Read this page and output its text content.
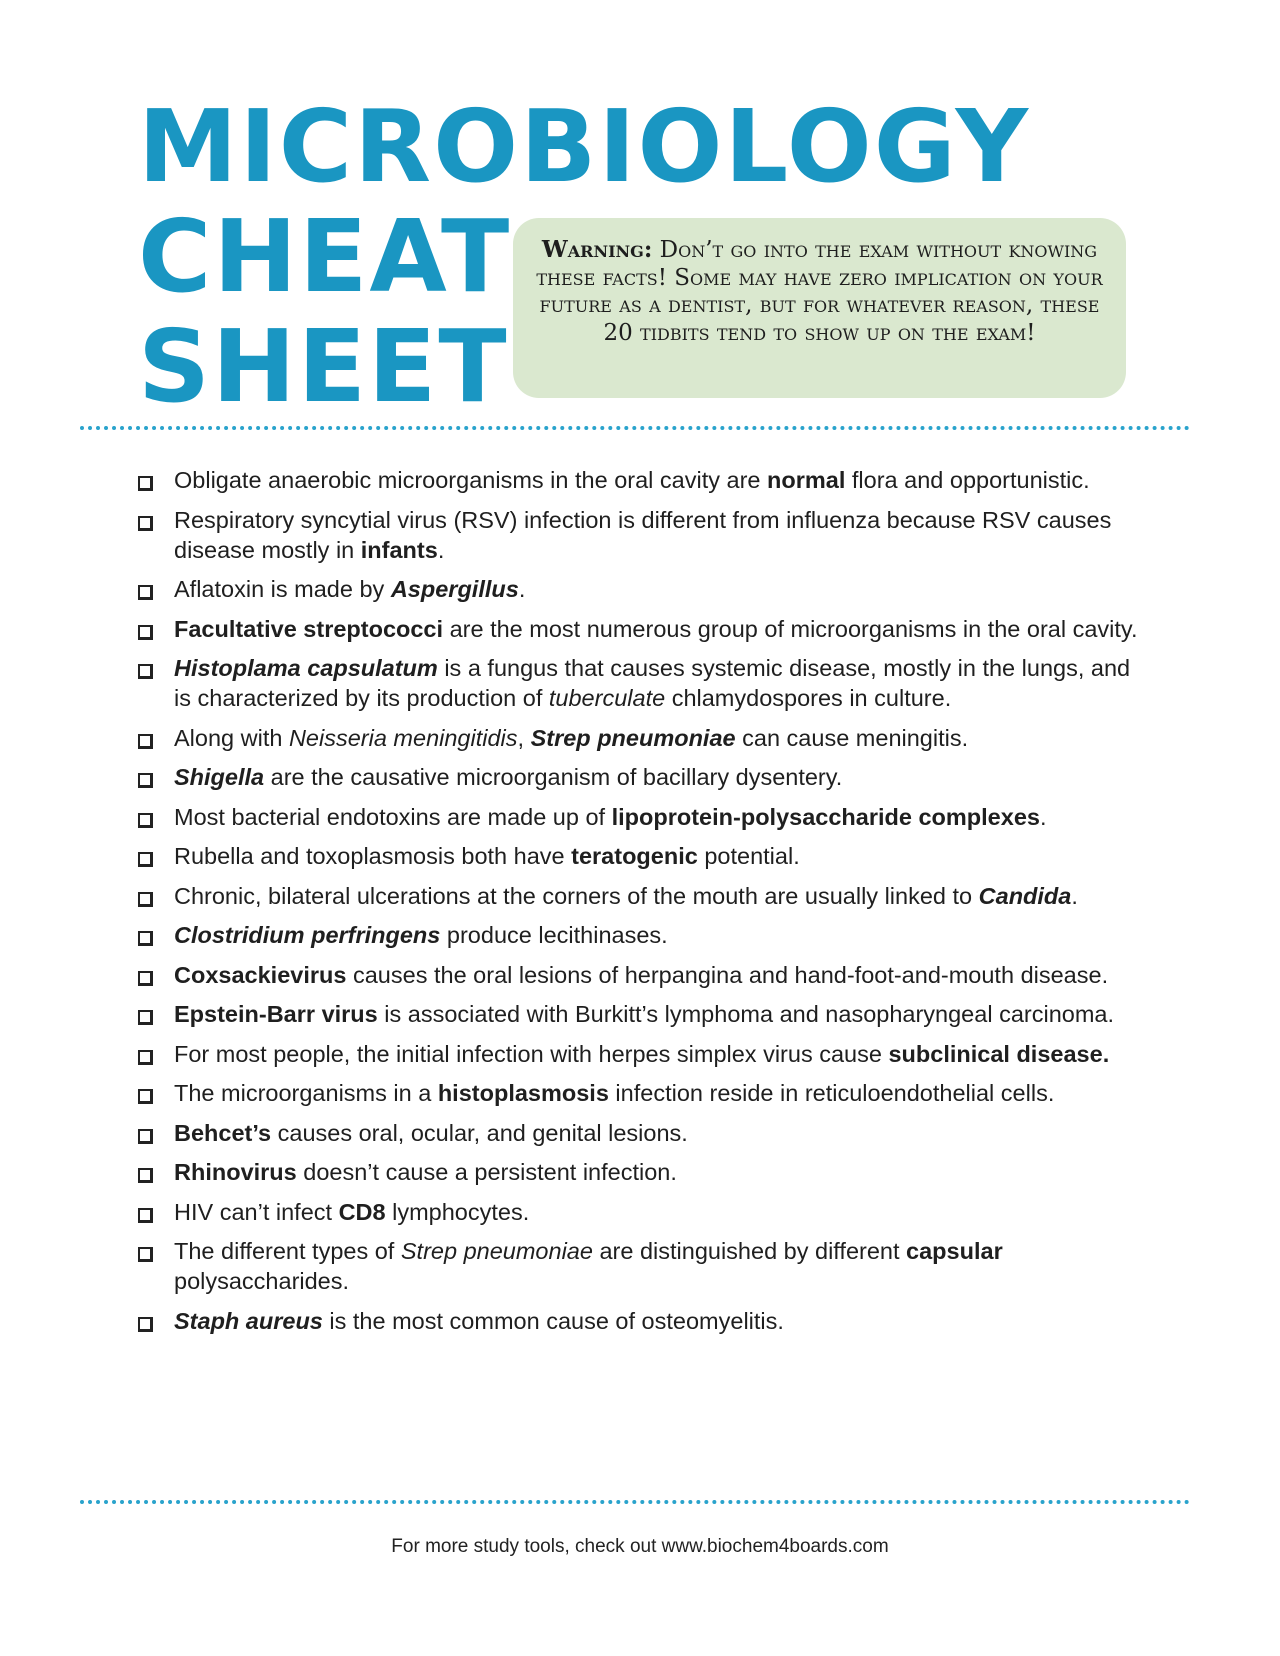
MICROBIOLOGY
CHEAT
SHEET
Warning: Don’t go into the exam without knowing these facts! Some may have zero implication on your future as a dentist, but for whatever reason, these 20 tidbits tend to show up on the exam!
Obligate anaerobic microorganisms in the oral cavity are normal flora and opportunistic.
Respiratory syncytial virus (RSV) infection is different from influenza because RSV causes disease mostly in infants.
Aflatoxin is made by Aspergillus.
Facultative streptococci are the most numerous group of microorganisms in the oral cavity.
Histoplama capsulatum is a fungus that causes systemic disease, mostly in the lungs, and is characterized by its production of tuberculate chlamydospores in culture.
Along with Neisseria meningitidis, Strep pneumoniae can cause meningitis.
Shigella are the causative microorganism of bacillary dysentery.
Most bacterial endotoxins are made up of lipoprotein-polysaccharide complexes.
Rubella and toxoplasmosis both have teratogenic potential.
Chronic, bilateral ulcerations at the corners of the mouth are usually linked to Candida.
Clostridium perfringens produce lecithinases.
Coxsackievirus causes the oral lesions of herpangina and hand-foot-and-mouth disease.
Epstein-Barr virus is associated with Burkitt’s lymphoma and nasopharyngeal carcinoma.
For most people, the initial infection with herpes simplex virus cause subclinical disease.
The microorganisms in a histoplasmosis infection reside in reticuloendothelial cells.
Behcet’s causes oral, ocular, and genital lesions.
Rhinovirus doesn’t cause a persistent infection.
HIV can’t infect CD8 lymphocytes.
The different types of Strep pneumoniae are distinguished by different capsular polysaccharides.
Staph aureus is the most common cause of osteomyelitis.
For more study tools, check out www.biochem4boards.com
